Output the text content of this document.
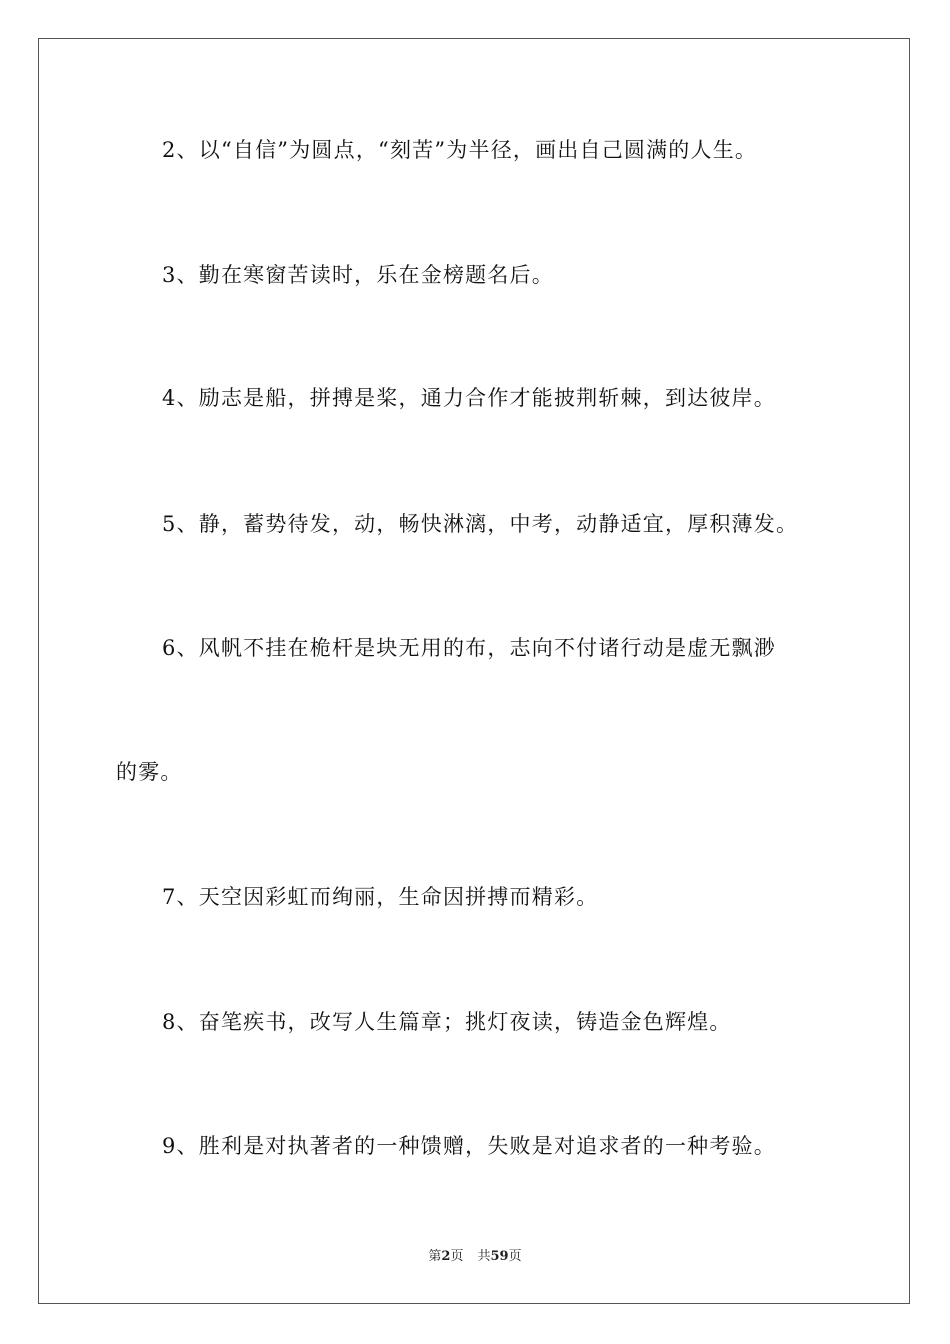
2、以“自信”为圆点，“刻苦”为半径，画出自己圆满的人生。
3、勤在寒窗苦读时，乐在金榜题名后。
4、励志是船，拼搏是桨，通力合作才能披荆斩棘，到达彼岸。
5、静，蓄势待发，动，畅快淋漓，中考，动静适宜，厚积薄发。
6、风帆不挂在桅杆是块无用的布，志向不付诸行动是虚无飘渺
的雾。
7、天空因彩虹而绚丽，生命因拼搏而精彩。
8、奋笔疾书，改写人生篇章；挑灯夜读，铸造金色辉煌。
9、胜利是对执著者的一种馈赠，失败是对追求者的一种考验。
第2页 共59页
